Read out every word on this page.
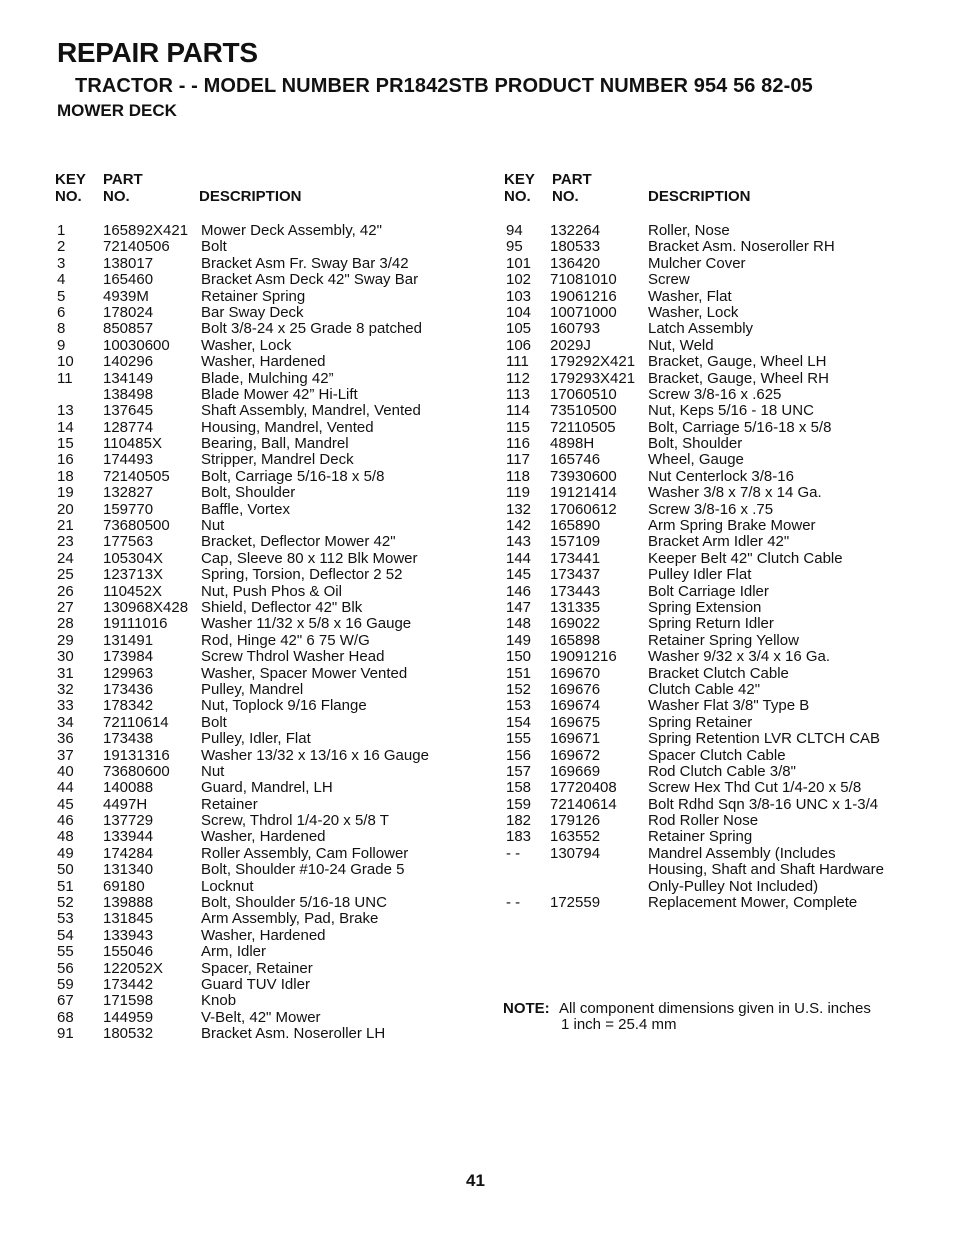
REPAIR PARTS
TRACTOR - - MODEL NUMBER PR1842STB PRODUCT NUMBER 954 56 82-05
MOWER DECK
KEY
NO.
PART
NO.	DESCRIPTION
1	165892X421 Mower Deck Assembly, 42"
2	72140506 Bolt
3	138017	Bracket Asm Fr. Sway Bar 3/42
4	165460	Bracket Asm Deck 42" Sway Bar
5	4939M	Retainer Spring
6	178024	Bar Sway Deck
8	850857	Bolt 3/8-24 x 25 Grade 8 patched
9	10030600 Washer, Lock
10 140296	Washer, Hardened
11 134149	Blade, Mulching 42”
138498	Blade Mower 42” Hi-Lift
13 137645	Shaft Assembly, Mandrel, Vented
14 128774	Housing, Mandrel, Vented
15 110485X	Bearing, Ball, Mandrel
16 174493	Stripper, Mandrel Deck
18 72140505 Bolt, Carriage 5/16-18 x 5/8
19 132827	Bolt, Shoulder
20 159770	Baffle, Vortex
21 73680500 Nut
23 177563	Bracket, Deflector Mower 42"
24 105304X	Cap, Sleeve 80 x 112 Blk Mower
25 123713X	Spring, Torsion, Deflector 2 52
26 110452X	Nut, Push Phos & Oil
27 130968X428 Shield, Deflector 42" Blk
28 19111016 Washer 11/32 x 5/8 x 16 Gauge
29 131491	Rod, Hinge 42" 6 75 W/G
30 173984	Screw Thdrol Washer Head
31 129963	Washer, Spacer Mower Vented
32 173436	Pulley, Mandrel
33 178342	Nut, Toplock 9/16 Flange
34 72110614 Bolt
36 173438	Pulley, Idler, Flat
37 19131316 Washer 13/32 x 13/16 x 16 Gauge
40 73680600 Nut
44 140088	Guard, Mandrel, LH
45 4497H	Retainer
46 137729	Screw, Thdrol 1/4-20 x 5/8 T
48 133944	Washer, Hardened
49 174284	Roller Assembly, Cam Follower
50 131340	Bolt, Shoulder #10-24 Grade 5
51 69180	Locknut
52 139888	Bolt, Shoulder 5/16-18 UNC
53 131845	Arm Assembly, Pad, Brake
54 133943	Washer, Hardened
55 155046	Arm, Idler
56 122052X	Spacer, Retainer
59 173442	Guard TUV Idler
67 171598	Knob
68 144959	V-Belt, 42" Mower
91 180532	Bracket Asm. Noseroller LH
KEY
NO.
PART
NO.	DESCRIPTION
94 132264	Roller, Nose
95 180533	Bracket Asm. Noseroller RH
101 136420	Mulcher Cover
102 71081010 Screw
103 19061216 Washer, Flat
104 10071000 Washer, Lock
105 160793	Latch Assembly
106 2029J	Nut, Weld
111 179292X421 Bracket, Gauge, Wheel LH
112 179293X421 Bracket, Gauge, Wheel RH
113 17060510 Screw 3/8-16 x .625
114 73510500 Nut, Keps 5/16 - 18 UNC
115 72110505 Bolt, Carriage 5/16-18 x 5/8
116 4898H	Bolt, Shoulder
117 165746	Wheel, Gauge
118 73930600 Nut Centerlock 3/8-16
119 19121414 Washer 3/8 x 7/8 x 14 Ga.
132 17060612 Screw 3/8-16 x .75
142 165890	Arm Spring Brake Mower
143 157109	Bracket Arm Idler 42"
144 173441	Keeper Belt 42" Clutch Cable
145 173437	Pulley Idler Flat
146 173443	Bolt Carriage Idler
147 131335	Spring Extension
148 169022	Spring Return Idler
149 165898	Retainer Spring Yellow
150 19091216 Washer 9/32 x 3/4 x 16 Ga.
151 169670	Bracket Clutch Cable
152 169676	Clutch Cable 42"
153 169674	Washer Flat 3/8" Type B
154 169675	Spring Retainer
155 169671	Spring Retention LVR CLTCH CAB
156 169672	Spacer Clutch Cable
157 169669	Rod Clutch Cable 3/8"
158 17720408 Screw Hex Thd Cut 1/4-20 x 5/8
159 72140614 Bolt Rdhd Sqn 3/8-16 UNC x 1-3/4
182 179126	Rod Roller Nose
183 163552	Retainer Spring
- - 130794	Mandrel Assembly (Includes
Housing, Shaft and Shaft Hardware
Only-Pulley Not Included)
- - 172559	Replacement Mower, Complete
NOTE: All component dimensions given in U.S. inches
1 inch = 25.4 mm
41
